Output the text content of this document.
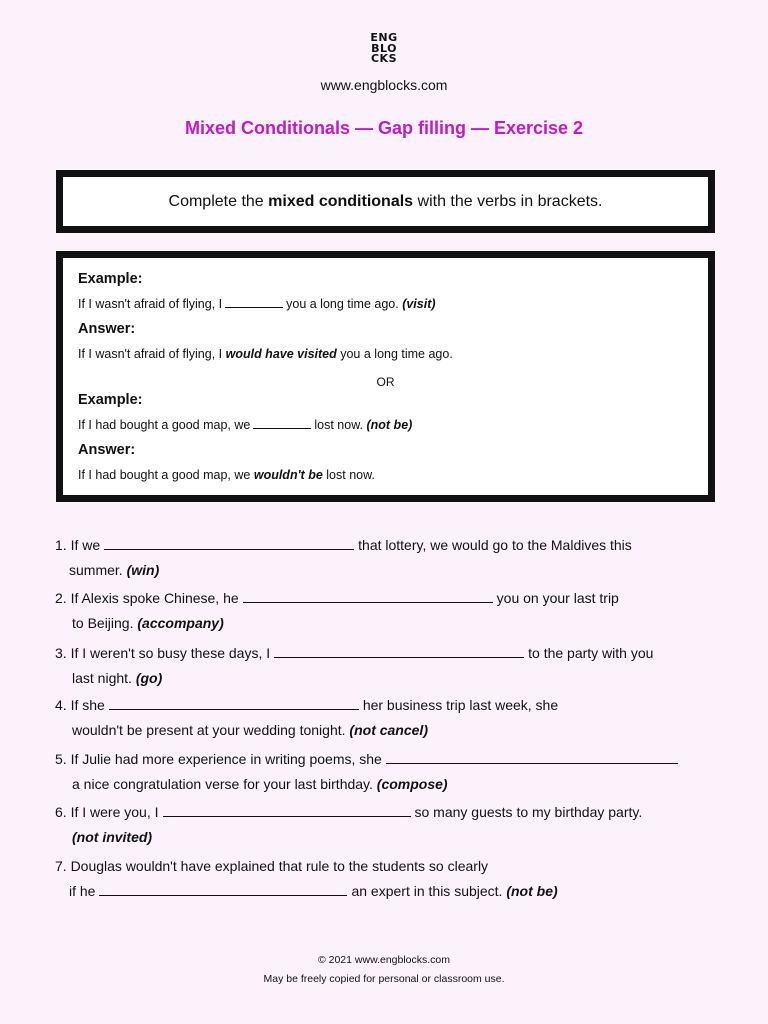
ENG
BLO
CKS
www.engblocks.com
Mixed Conditionals — Gap filling — Exercise 2
Complete the
mixed conditionals
with the verbs in brackets.
Example:
If I wasn't afraid of flying, I	you a long time ago. (visit)
Answer:
If I wasn't afraid of flying, I would have visited you a long time ago.
OR
Example:
If I had bought a good map, we	lost now. (not be)
Answer:
If I had bought a good map, we wouldn't be lost now.
1. If we	that lottery, we would go to the Maldives this
summer. (win)
2. If Alexis spoke Chinese, he	you on your last trip
to Beijing. (accompany)
3. If I weren't so busy these days, I	to the party with you
last night. (go)
4. If she	her business trip last week, she
wouldn't be present at your wedding tonight. (not cancel)
5. If Julie had more experience in writing poems, she
a nice congratulation verse for your last birthday. (compose)
6. If I were you, I	so many guests to my birthday party.
(not invited)
7. Douglas wouldn't have explained that rule to the students so clearly
if he	an expert in this subject. (not be)
© 2021 www.engblocks.com
May be freely copied for personal or classroom use.
